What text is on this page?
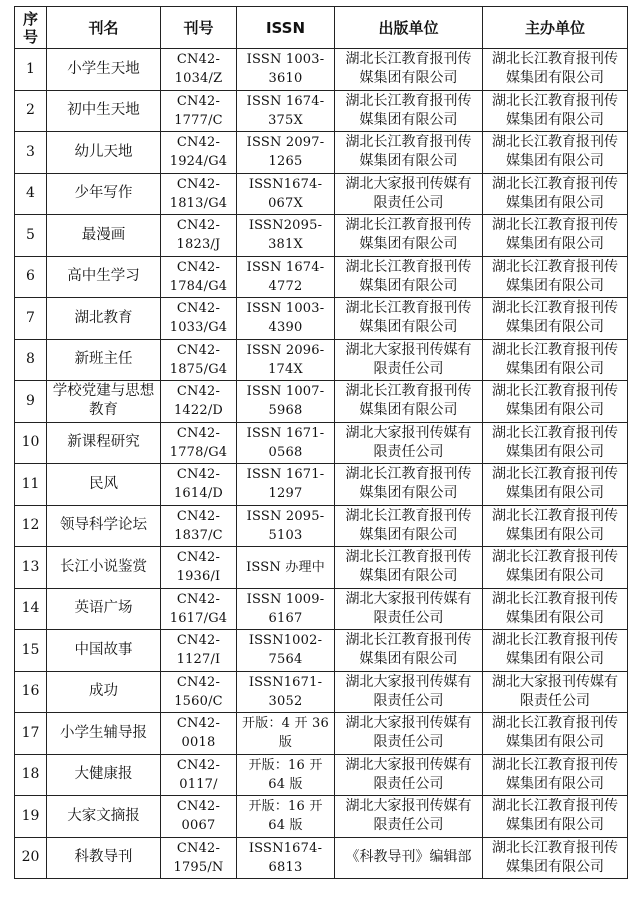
序号	刊名	刊号	ISSN	出版单位	主办单位
1	小学生天地	CN42-1034/Z	ISSN 1003-3610	湖北长江教育报刊传媒集团有限公司	湖北长江教育报刊传媒集团有限公司
2	初中生天地	CN42-1777/C	ISSN 1674-375X	湖北长江教育报刊传媒集团有限公司	湖北长江教育报刊传媒集团有限公司
3	幼儿天地	CN42-1924/G4	ISSN 2097-1265	湖北长江教育报刊传媒集团有限公司	湖北长江教育报刊传媒集团有限公司
4	少年写作	CN42-1813/G4	ISSN1674-067X	湖北大家报刊传媒有限责任公司	湖北长江教育报刊传媒集团有限公司
5	最漫画	CN42-1823/J	ISSN2095-381X	湖北长江教育报刊传媒集团有限公司	湖北长江教育报刊传媒集团有限公司
6	高中生学习	CN42-1784/G4	ISSN 1674-4772	湖北长江教育报刊传媒集团有限公司	湖北长江教育报刊传媒集团有限公司
7	湖北教育	CN42-1033/G4	ISSN 1003-4390	湖北长江教育报刊传媒集团有限公司	湖北长江教育报刊传媒集团有限公司
8	新班主任	CN42-1875/G4	ISSN 2096-174X	湖北大家报刊传媒有限责任公司	湖北长江教育报刊传媒集团有限公司
9	学校党建与思想教育	CN42-1422/D	ISSN 1007-5968	湖北长江教育报刊传媒集团有限公司	湖北长江教育报刊传媒集团有限公司
10	新课程研究	CN42-1778/G4	ISSN 1671-0568	湖北大家报刊传媒有限责任公司	湖北长江教育报刊传媒集团有限公司
11	民风	CN42-1614/D	ISSN 1671-1297	湖北长江教育报刊传媒集团有限公司	湖北长江教育报刊传媒集团有限公司
12	领导科学论坛	CN42-1837/C	ISSN 2095-5103	湖北长江教育报刊传媒集团有限公司	湖北长江教育报刊传媒集团有限公司
13	长江小说鉴赏	CN42-1936/I	ISSN 办理中	湖北长江教育报刊传媒集团有限公司	湖北长江教育报刊传媒集团有限公司
14	英语广场	CN42-1617/G4	ISSN 1009-6167	湖北大家报刊传媒有限责任公司	湖北长江教育报刊传媒集团有限公司
15	中国故事	CN42-1127/I	ISSN1002-7564	湖北长江教育报刊传媒集团有限公司	湖北长江教育报刊传媒集团有限公司
16	成功	CN42-1560/C	ISSN1671-3052	湖北大家报刊传媒有限责任公司	湖北大家报刊传媒有限责任公司
17	小学生辅导报	CN42-0018	开版：4 开 36 版	湖北大家报刊传媒有限责任公司	湖北长江教育报刊传媒集团有限公司
18	大健康报	CN42-0117/	开版：16 开 64 版	湖北大家报刊传媒有限责任公司	湖北长江教育报刊传媒集团有限公司
19	大家文摘报	CN42-0067	开版：16 开 64 版	湖北大家报刊传媒有限责任公司	湖北长江教育报刊传媒集团有限公司
20	科教导刊	CN42-1795/N	ISSN1674-6813	《科教导刊》编辑部	湖北长江教育报刊传媒集团有限公司
